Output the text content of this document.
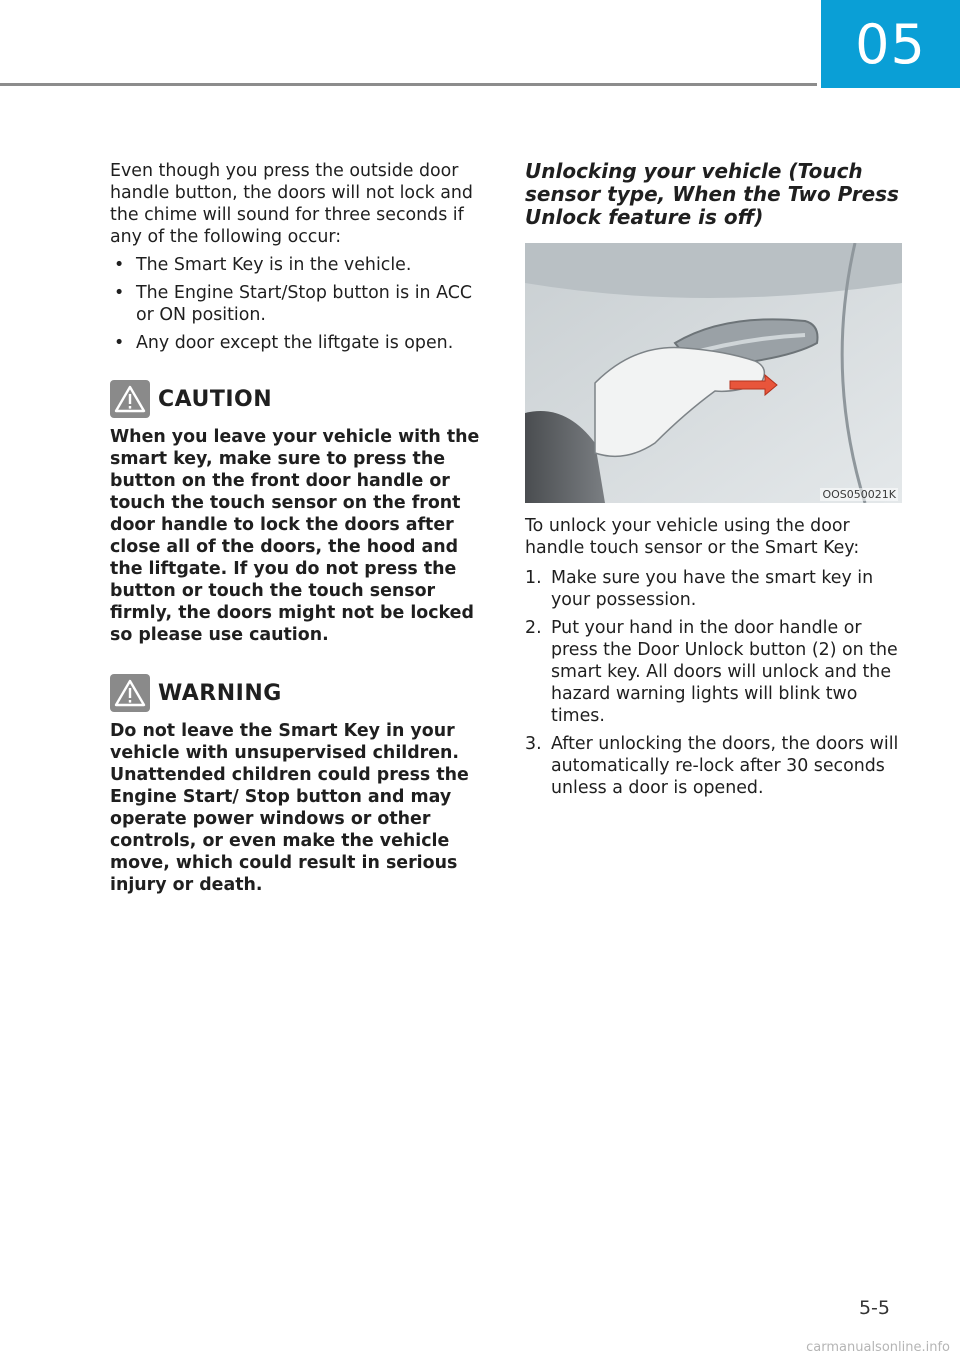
05

Even though you press the outside door handle button, the doors will not lock and the chime will sound for three seconds if any of the following occur:

• The Smart Key is in the vehicle.
• The Engine Start/Stop button is in ACC or ON position.
• Any door except the liftgate is open.
CAUTION

When you leave your vehicle with the smart key, make sure to press the button on the front door handle or touch the touch sensor on the front door handle to lock the doors after close all of the doors, the hood and the liftgate. If you do not press the button or touch the touch sensor firmly, the doors might not be locked so please use caution.

WARNING

Do not leave the Smart Key in your vehicle with unsupervised children. Unattended children could press the Engine Start/ Stop button and may operate power windows or other controls, or even make the vehicle move, which could result in serious injury or death.

Unlocking your vehicle (Touch sensor type, When the Two Press Unlock feature is off)
OOS050021K

To unlock your vehicle using the door handle touch sensor or the Smart Key:

1. Make sure you have the smart key in your possession.
2. Put your hand in the door handle or press the Door Unlock button (2) on the smart key. All doors will unlock and the hazard warning lights will blink two times.
3. After unlocking the doors, the doors will automatically re-lock after 30 seconds unless a door is opened.
5-5
carmanualsonline.info
